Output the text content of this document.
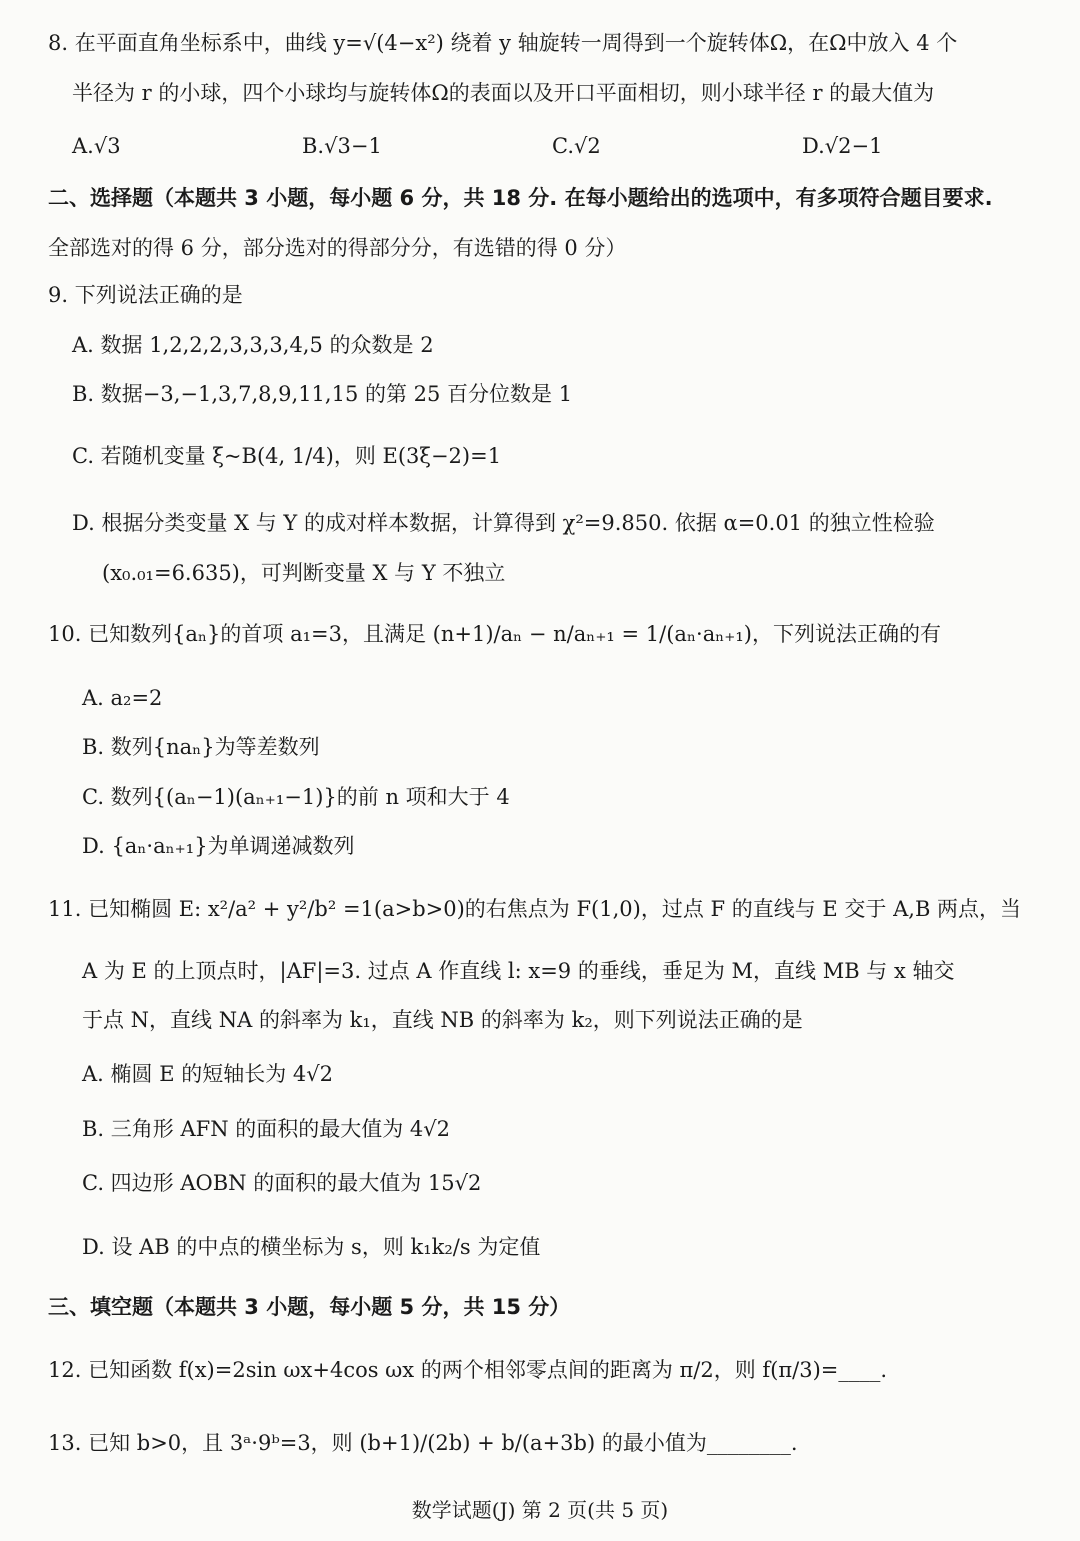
8. 在平面直角坐标系中，曲线 y=√(4−x²) 绕着 y 轴旋转一周得到一个旋转体Ω，在Ω中放入 4 个
半径为 r 的小球，四个小球均与旋转体Ω的表面以及开口平面相切，则小球半径 r 的最大值为
A.√3	B.√3−1	C.√2	D.√2−1
二、选择题（本题共 3 小题，每小题 6 分，共 18 分. 在每小题给出的选项中，有多项符合题目要求.
全部选对的得 6 分，部分选对的得部分分，有选错的得 0 分）
9. 下列说法正确的是
A. 数据 1,2,2,2,3,3,3,4,5 的众数是 2
B. 数据−3,−1,3,7,8,9,11,15 的第 25 百分位数是 1
C. 若随机变量 ξ~B(4, 1/4)，则 E(3ξ−2)=1
D. 根据分类变量 X 与 Y 的成对样本数据，计算得到 χ²=9.850. 依据 α=0.01 的独立性检验
(x₀.₀₁=6.635)，可判断变量 X 与 Y 不独立
10. 已知数列{aₙ}的首项 a₁=3，且满足 (n+1)/aₙ − n/aₙ₊₁ = 1/(aₙ·aₙ₊₁)，下列说法正确的有
A. a₂=2
B. 数列{naₙ}为等差数列
C. 数列{(aₙ−1)(aₙ₊₁−1)}的前 n 项和大于 4
D. {aₙ·aₙ₊₁}为单调递减数列
11. 已知椭圆 E: x²/a² + y²/b² =1(a>b>0)的右焦点为 F(1,0)，过点 F 的直线与 E 交于 A,B 两点，当
A 为 E 的上顶点时，|AF|=3. 过点 A 作直线 l: x=9 的垂线，垂足为 M，直线 MB 与 x 轴交
于点 N，直线 NA 的斜率为 k₁，直线 NB 的斜率为 k₂，则下列说法正确的是
A. 椭圆 E 的短轴长为 4√2
B. 三角形 AFN 的面积的最大值为 4√2
C. 四边形 AOBN 的面积的最大值为 15√2
D. 设 AB 的中点的横坐标为 s，则 k₁k₂/s 为定值
三、填空题（本题共 3 小题，每小题 5 分，共 15 分）
12. 已知函数 f(x)=2sin ωx+4cos ωx 的两个相邻零点间的距离为 π/2，则 f(π/3)=____.
13. 已知 b>0，且 3ᵃ·9ᵇ=3，则 (b+1)/(2b) + b/(a+3b) 的最小值为________.
数学试题(J) 第 2 页(共 5 页)
